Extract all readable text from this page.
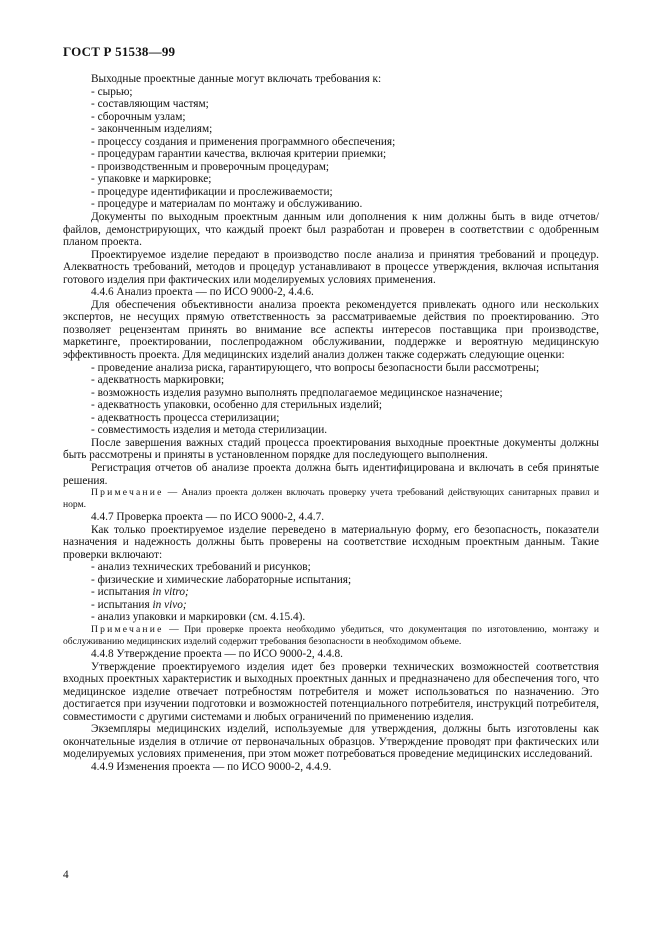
ГОСТ Р 51538—99

Выходные проектные данные могут включать требования к:

- сырью;

- составляющим частям;

- сборочным узлам;

- законченным изделиям;

- процессу создания и применения программного обеспечения;

- процедурам гарантии качества, включая критерии приемки;

- производственным и проверочным процедурам;

- упаковке и маркировке;

- процедуре идентификации и прослеживаемости;

- процедуре и материалам по монтажу и обслуживанию.

Документы по выходным проектным данным или дополнения к ним должны быть в виде отчетов/файлов, демонстрирующих, что каждый проект был разработан и проверен в соответствии с одобренным планом проекта.

Проектируемое изделие передают в производство после анализа и принятия требований и процедур. Алекватность требований, методов и процедур устанавливают в процессе утверждения, включая испытания готового изделия при фактических или моделируемых условиях применения.

4.4.6 Анализ проекта — по ИСО 9000-2, 4.4.6.

Для обеспечения объективности анализа проекта рекомендуется привлекать одного или нескольких экспертов, не несущих прямую ответственность за рассматриваемые действия по проектированию. Это позволяет рецензентам принять во внимание все аспекты интересов поставщика при производстве, маркетинге, проектировании, послепродажном обслуживании, поддержке и вероятную медицинскую эффективность проекта. Для медицинских изделий анализ должен также содержать следующие оценки:

- проведение анализа риска, гарантирующего, что вопросы безопасности были рассмотрены;

- адекватность маркировки;

- возможность изделия разумно выполнять предполагаемое медицинское назначение;

- адекватность упаковки, особенно для стерильных изделий;

- адекватность процесса стерилизации;

- совместимость изделия и метода стерилизации.

После завершения важных стадий процесса проектирования выходные проектные документы должны быть рассмотрены и приняты в установленном порядке для последующего выполнения.

Регистрация отчетов об анализе проекта должна быть идентифицирована и включать в себя принятые решения.

Примечание — Анализ проекта должен включать проверку учета требований действующих санитарных правил и норм.

4.4.7 Проверка проекта — по ИСО 9000-2, 4.4.7.

Как только проектируемое изделие переведено в материальную форму, его безопасность, показатели назначения и надежность должны быть проверены на соответствие исходным проектным данным. Такие проверки включают:

- анализ технических требований и рисунков;

- физические и химические лабораторные испытания;

- испытания in vitro;

- испытания in vivo;

- анализ упаковки и маркировки (см. 4.15.4).

Примечание — При проверке проекта необходимо убедиться, что документация по изготовлению, монтажу и обслуживанию медицинских изделий содержит требования безопасности в необходимом объеме.

4.4.8 Утверждение проекта — по ИСО 9000-2, 4.4.8.

Утверждение проектируемого изделия идет без проверки технических возможностей соответствия входных проектных характеристик и выходных проектных данных и предназначено для обеспечения того, что медицинское изделие отвечает потребностям потребителя и может использоваться по назначению. Это достигается при изучении подготовки и возможностей потенциального потребителя, инструкций потребителя, совместимости с другими системами и любых ограничений по применению изделия.

Экземпляры медицинских изделий, используемые для утверждения, должны быть изготовлены как окончательные изделия в отличие от первоначальных образцов. Утверждение проводят при фактических или моделируемых условиях применения, при этом может потребоваться проведение медицинских исследований.

4.4.9 Изменения проекта — по ИСО 9000-2, 4.4.9.

4
